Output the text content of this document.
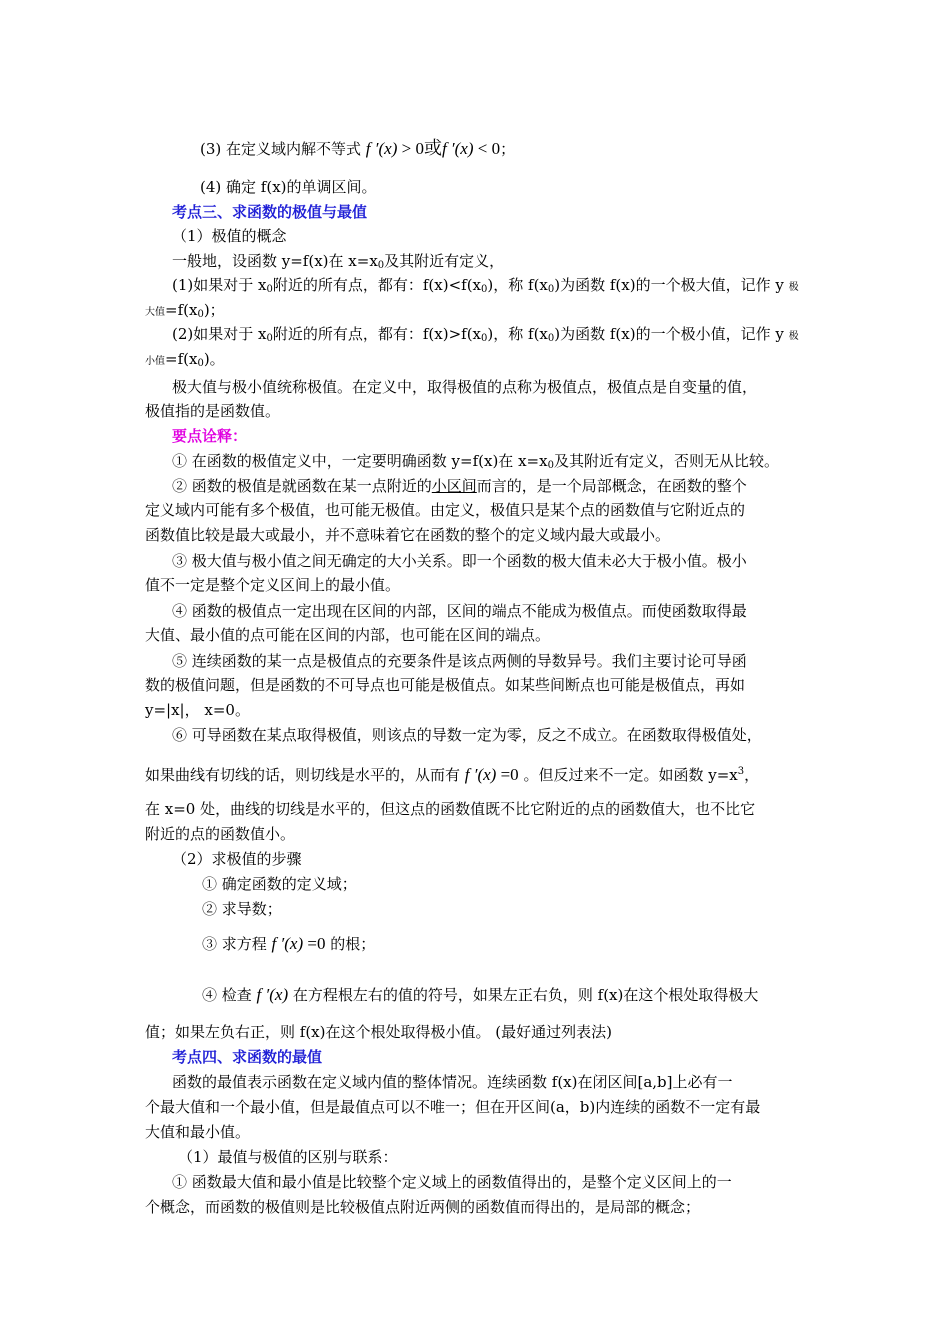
(3) 在定义域内解不等式 f ′(x) > 0或f ′(x) < 0；
(4) 确定 f(x)的单调区间。
考点三、求函数的极值与最值
（1）极值的概念
一般地，设函数 y=f(x)在 $x=x_0$及其附近有定义，
(1)如果对于 $x_0$附近的所有点，都有：$f(x)<f(x_0)$，称 $f(x_0)$为函数 f(x)的一个极大值，记作 y 极
大值$=f(x_0)$；
(2)如果对于 $x_0$附近的所有点，都有：$f(x)>f(x_0)$，称 $f(x_0)$为函数 f(x)的一个极小值，记作 y 极
小值$=f(x_0)$。
极大值与极小值统称极值。在定义中，取得极值的点称为极值点，极值点是自变量的值，
极值指的是函数值。
要点诠释：
① 在函数的极值定义中，一定要明确函数 y=f(x)在 $x=x_0$及其附近有定义，否则无从比较。
② 函数的极值是就函数在某一点附近的小区间而言的，是一个局部概念，在函数的整个
定义域内可能有多个极值，也可能无极值。由定义，极值只是某个点的函数值与它附近点的
函数值比较是最大或最小，并不意味着它在函数的整个的定义域内最大或最小。
③ 极大值与极小值之间无确定的大小关系。即一个函数的极大值未必大于极小值。极小
值不一定是整个定义区间上的最小值。
④ 函数的极值点一定出现在区间的内部，区间的端点不能成为极值点。而使函数取得最
大值、最小值的点可能在区间的内部，也可能在区间的端点。
⑤ 连续函数的某一点是极值点的充要条件是该点两侧的导数异号。我们主要讨论可导函
数的极值问题，但是函数的不可导点也可能是极值点。如某些间断点也可能是极值点，再如
y=|x|， x=0。
⑥ 可导函数在某点取得极值，则该点的导数一定为零，反之不成立。在函数取得极值处，
如果曲线有切线的话，则切线是水平的，从而有 f ′(x) =0 。但反过来不一定。如函数 $y=x^3$，
在 x=0 处，曲线的切线是水平的，但这点的函数值既不比它附近的点的函数值大，也不比它
附近的点的函数值小。
（2）求极值的步骤
① 确定函数的定义域；
② 求导数；
③ 求方程 f ′(x) =0 的根；
④ 检查 f ′(x) 在方程根左右的值的符号，如果左正右负，则 f(x)在这个根处取得极大
值；如果左负右正，则 f(x)在这个根处取得极小值。 (最好通过列表法)
考点四、求函数的最值
函数的最值表示函数在定义域内值的整体情况。连续函数 f(x)在闭区间[a,b]上必有一
个最大值和一个最小值，但是最值点可以不唯一；但在开区间(a，b)内连续的函数不一定有最
大值和最小值。
（1）最值与极值的区别与联系：
① 函数最大值和最小值是比较整个定义域上的函数值得出的，是整个定义区间上的一
个概念，而函数的极值则是比较极值点附近两侧的函数值而得出的，是局部的概念；
